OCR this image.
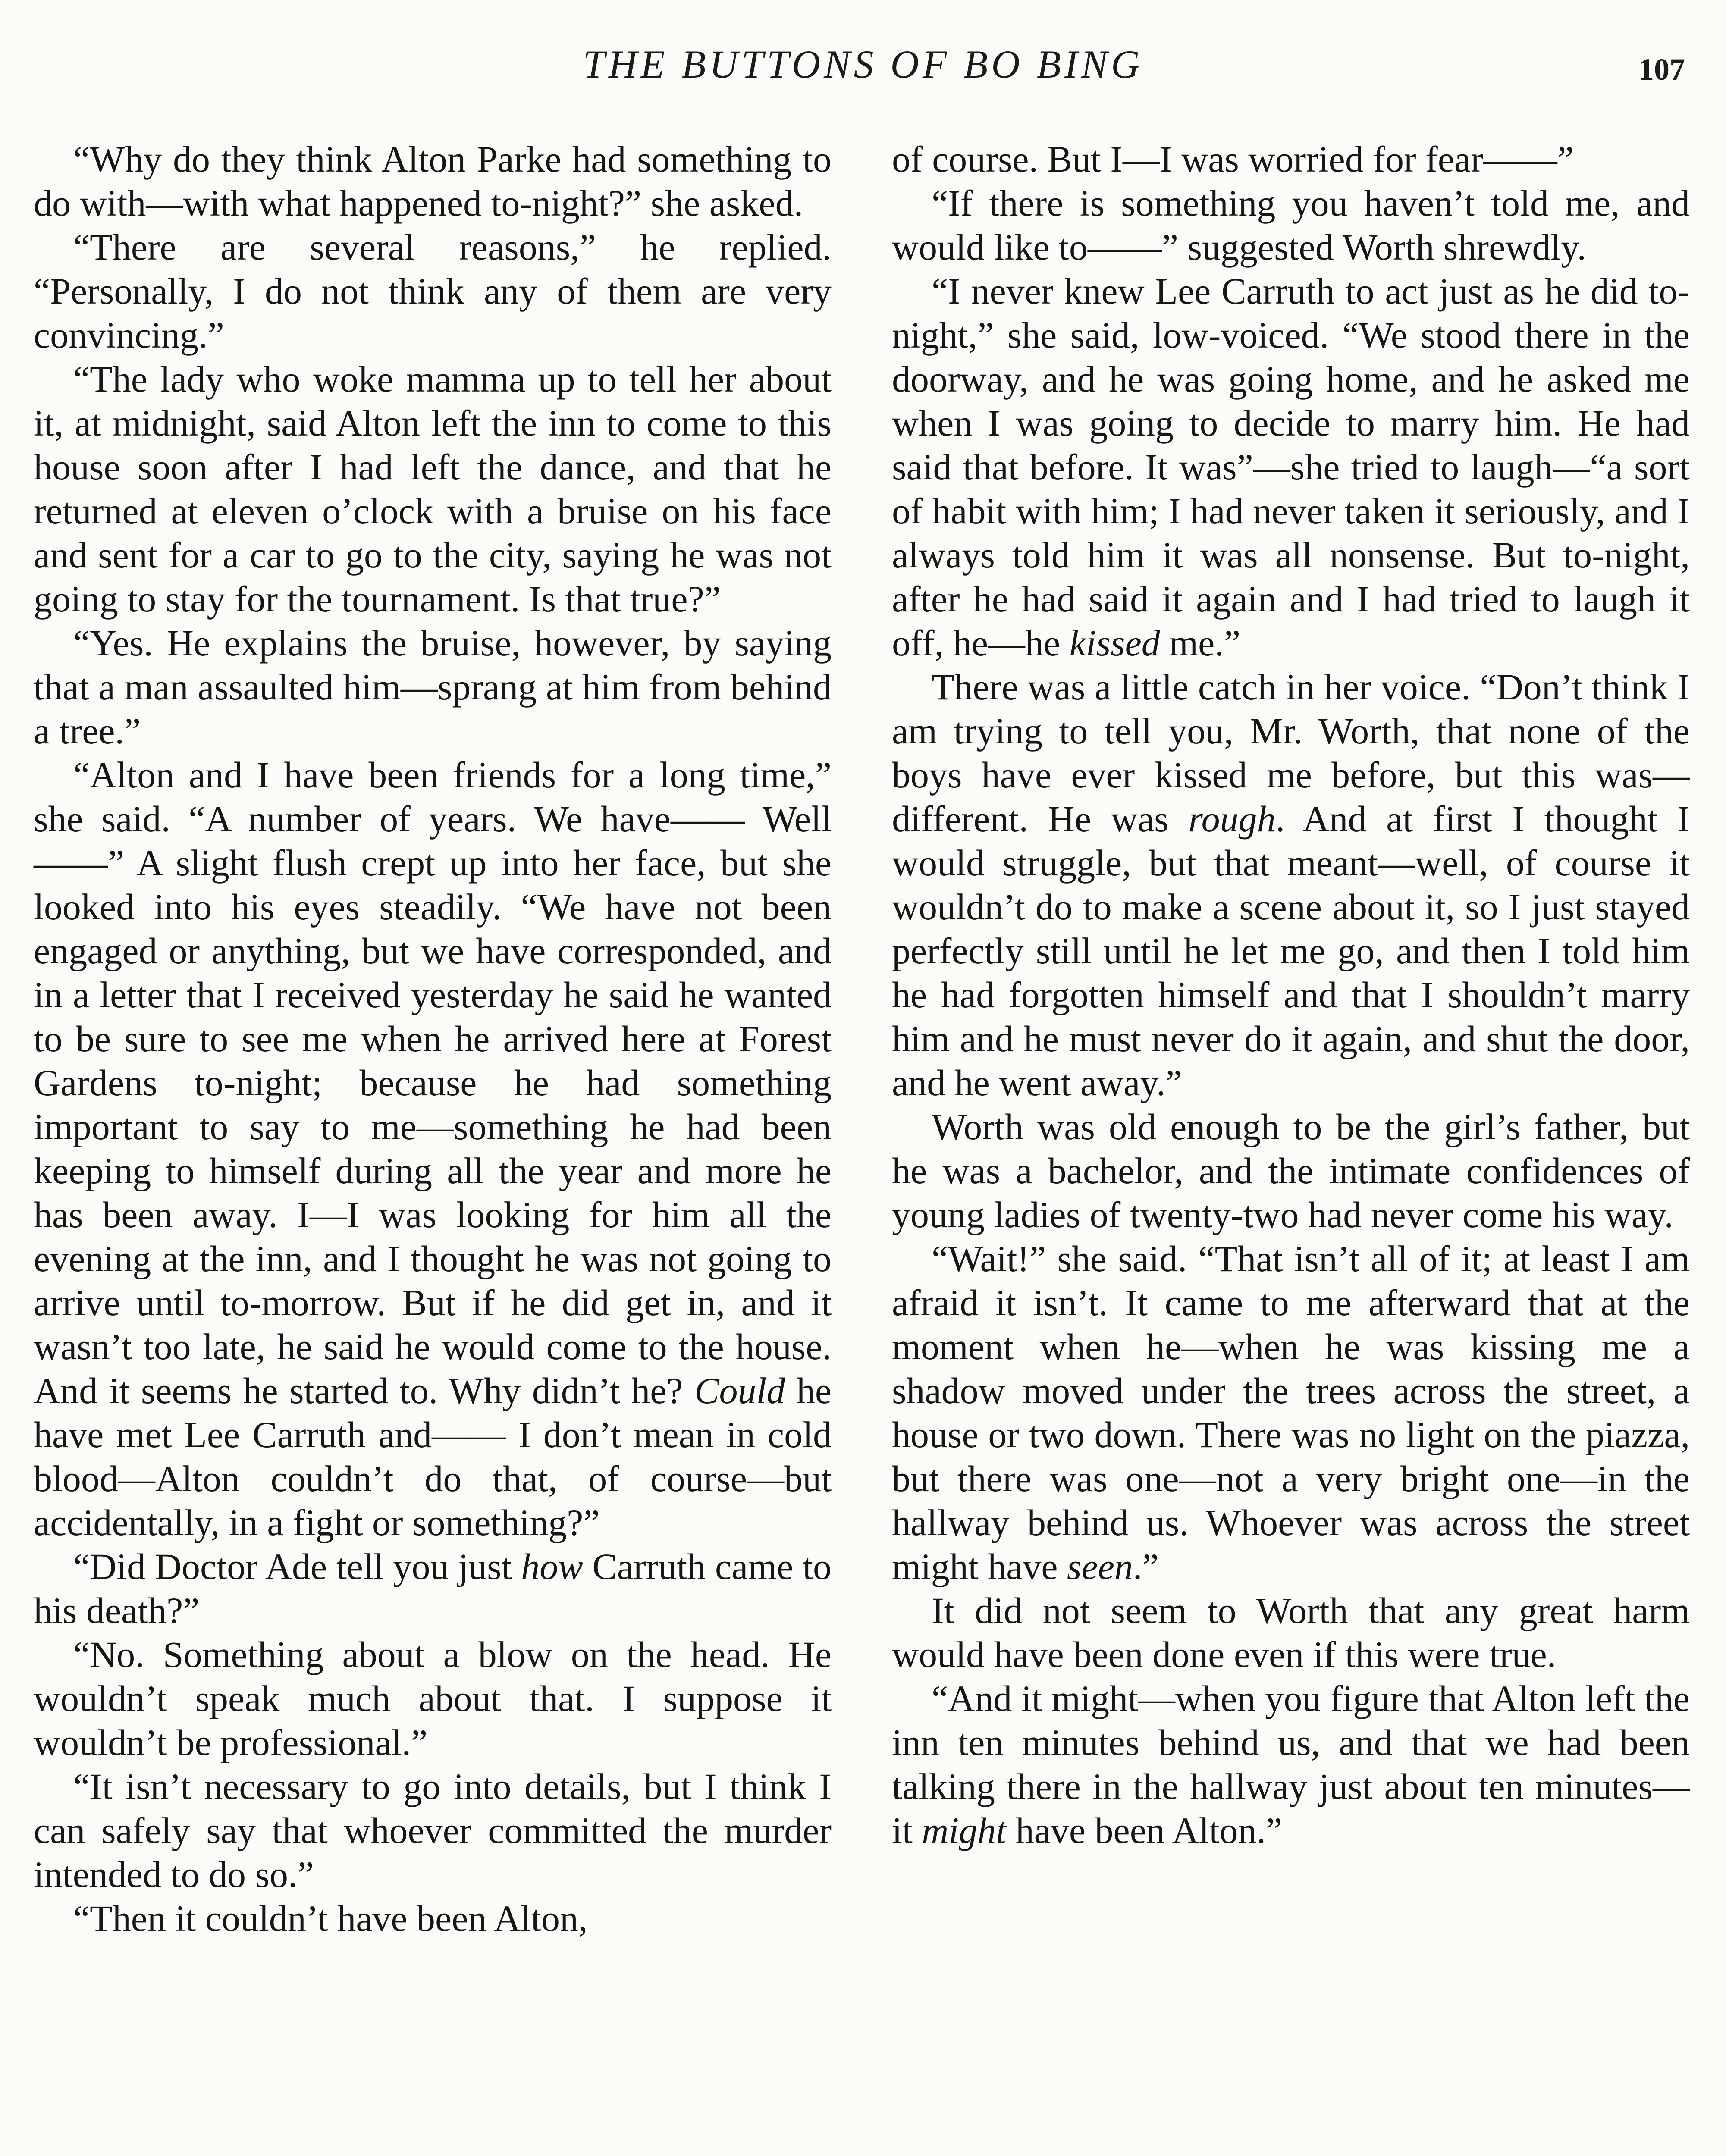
THE BUTTONS OF BO BING	107

“Why do they think Alton Parke had something to do with—with what happened to-night?” she asked.

“There are several reasons,” he replied. “Personally, I do not think any of them are very convincing.”

“The lady who woke mamma up to tell her about it, at midnight, said Alton left the inn to come to this house soon after I had left the dance, and that he returned at eleven o’clock with a bruise on his face and sent for a car to go to the city, saying he was not going to stay for the tournament. Is that true?”

“Yes. He explains the bruise, however, by saying that a man assaulted him—sprang at him from behind a tree.”

“Alton and I have been friends for a long time,” she said. “A number of years. We have—— Well——” A slight flush crept up into her face, but she looked into his eyes steadily. “We have not been engaged or anything, but we have corresponded, and in a letter that I received yesterday he said he wanted to be sure to see me when he arrived here at Forest Gardens to-night; because he had something important to say to me—something he had been keeping to himself during all the year and more he has been away. I—I was looking for him all the evening at the inn, and I thought he was not going to arrive until to-morrow. But if he did get in, and it wasn’t too late, he said he would come to the house. And it seems he started to. Why didn’t he? Could he have met Lee Carruth and—— I don’t mean in cold blood—Alton couldn’t do that, of course—but accidentally, in a fight or something?”

“Did Doctor Ade tell you just how Carruth came to his death?”

“No. Something about a blow on the head. He wouldn’t speak much about that. I suppose it wouldn’t be professional.”

“It isn’t necessary to go into details, but I think I can safely say that whoever committed the murder intended to do so.”

“Then it couldn’t have been Alton,

of course. But I—I was worried for fear——”

“If there is something you haven’t told me, and would like to——” suggested Worth shrewdly.

“I never knew Lee Carruth to act just as he did to-night,” she said, low-voiced. “We stood there in the doorway, and he was going home, and he asked me when I was going to decide to marry him. He had said that before. It was”—she tried to laugh—“a sort of habit with him; I had never taken it seriously, and I always told him it was all nonsense. But to-night, after he had said it again and I had tried to laugh it off, he—he kissed me.”

There was a little catch in her voice. “Don’t think I am trying to tell you, Mr. Worth, that none of the boys have ever kissed me before, but this was—different. He was rough. And at first I thought I would struggle, but that meant—well, of course it wouldn’t do to make a scene about it, so I just stayed perfectly still until he let me go, and then I told him he had forgotten himself and that I shouldn’t marry him and he must never do it again, and shut the door, and he went away.”

Worth was old enough to be the girl’s father, but he was a bachelor, and the intimate confidences of young ladies of twenty-two had never come his way.

“Wait!” she said. “That isn’t all of it; at least I am afraid it isn’t. It came to me afterward that at the moment when he—when he was kissing me a shadow moved under the trees across the street, a house or two down. There was no light on the piazza, but there was one—not a very bright one—in the hallway behind us. Whoever was across the street might have seen.”

It did not seem to Worth that any great harm would have been done even if this were true.

“And it might—when you figure that Alton left the inn ten minutes behind us, and that we had been talking there in the hallway just about ten minutes—it might have been Alton.”
